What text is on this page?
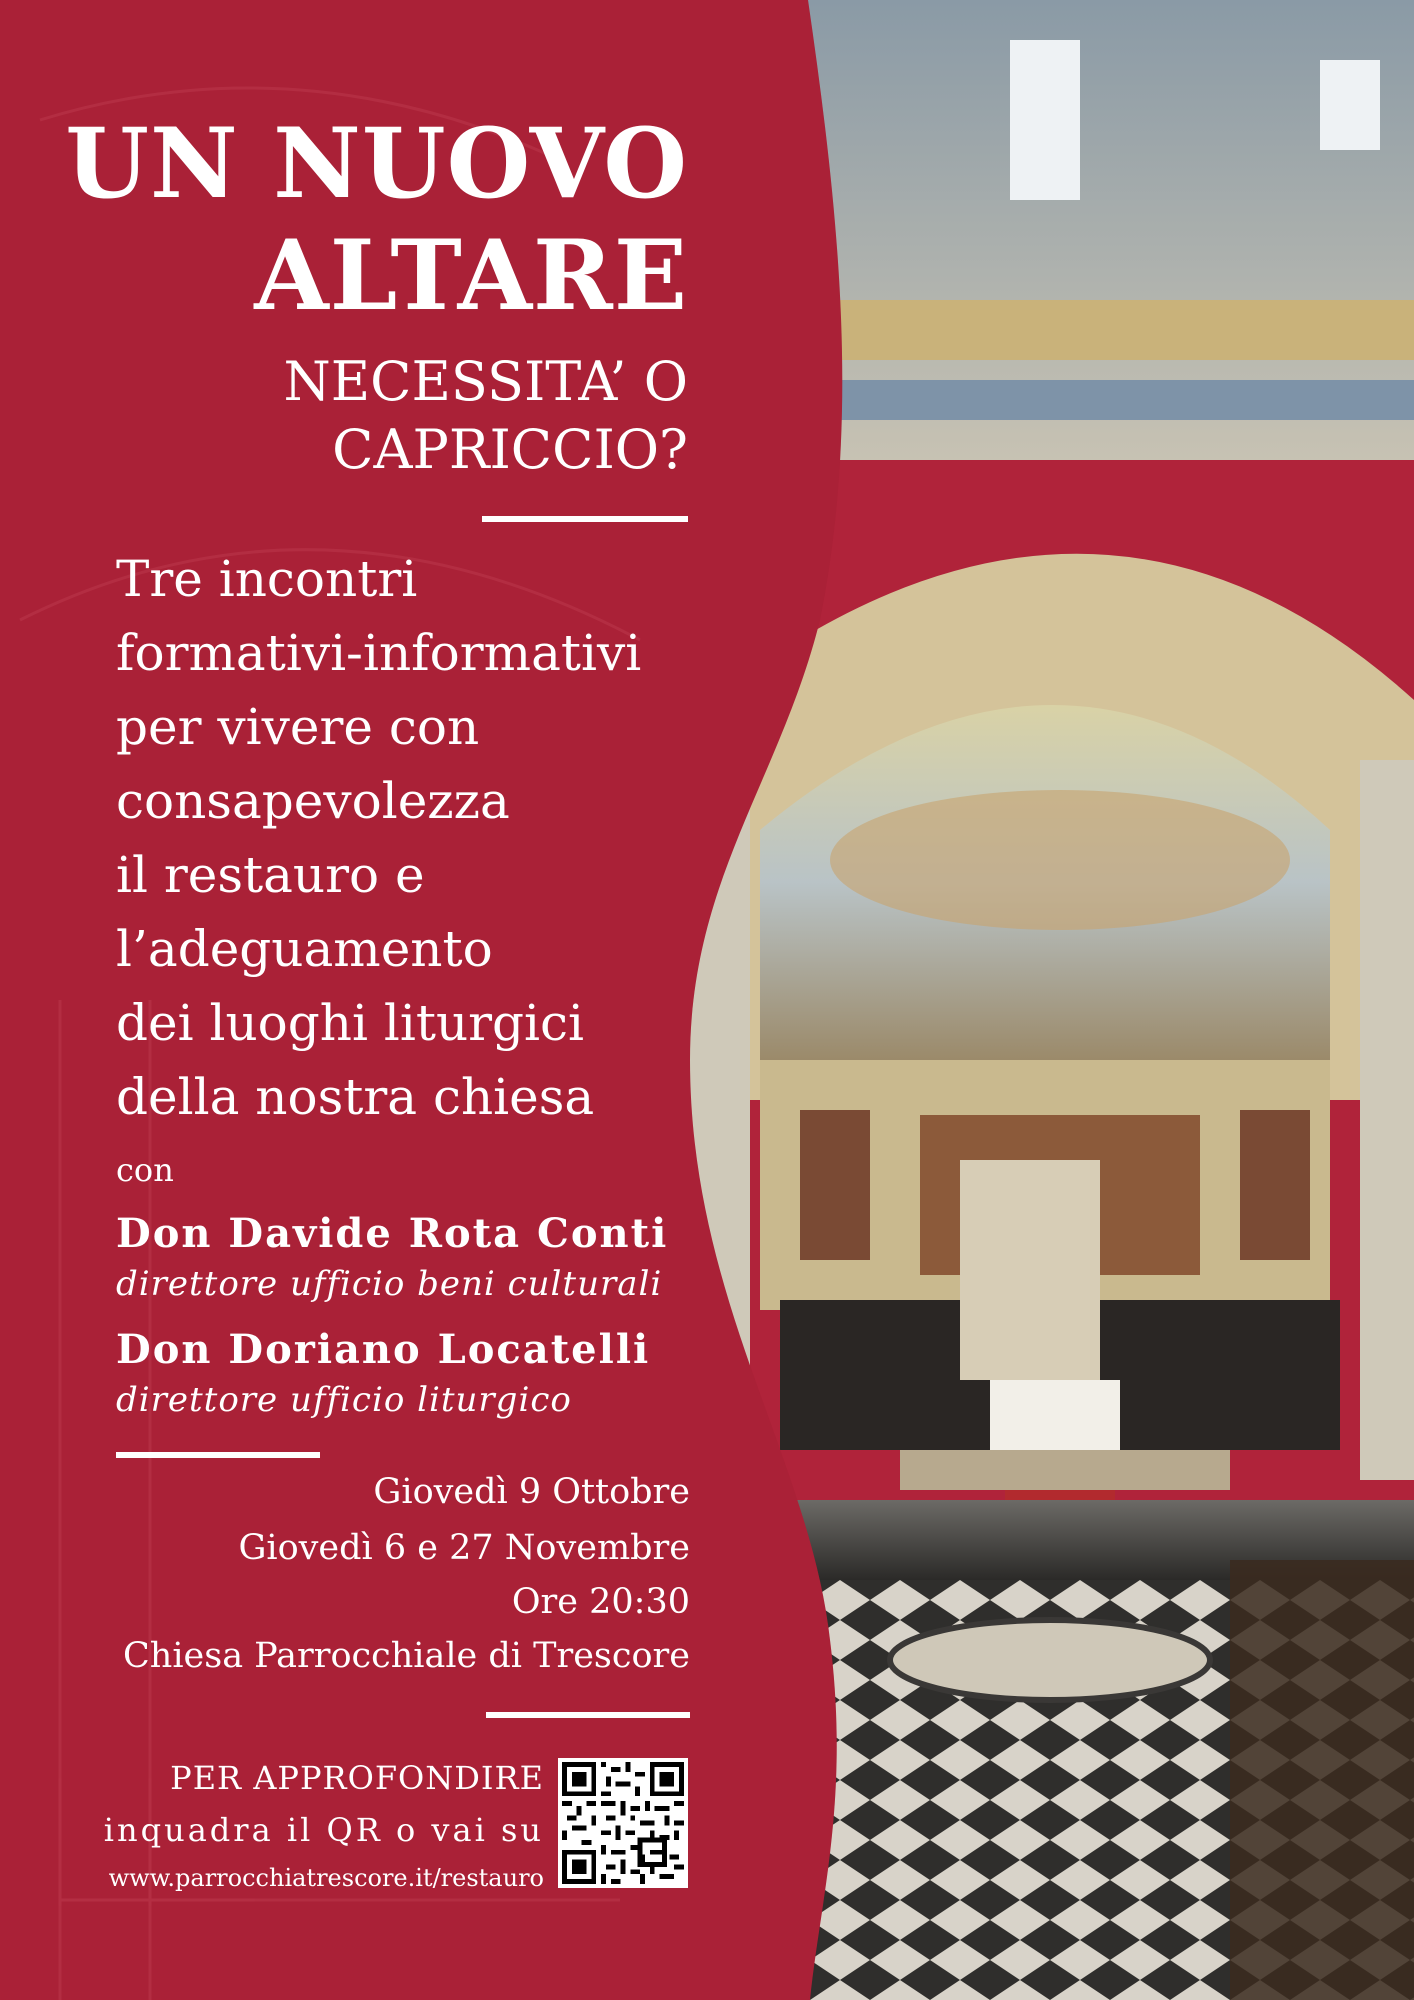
UN NUOVO
ALTARE
NECESSITA’ O
CAPRICCIO?
Tre incontri
formativi-informativi
per vivere con
consapevolezza
il restauro e
l’adeguamento
dei luoghi liturgici
della nostra chiesa
con
Don Davide Rota Conti
direttore ufficio beni culturali
Don Doriano Locatelli
direttore ufficio liturgico
Giovedì 9 Ottobre
Giovedì 6 e 27 Novembre
Ore 20:30
Chiesa Parrocchiale di Trescore
PER APPROFONDIRE
inquadra il QR o vai su
www.parrocchiatrescore.it/restauro
